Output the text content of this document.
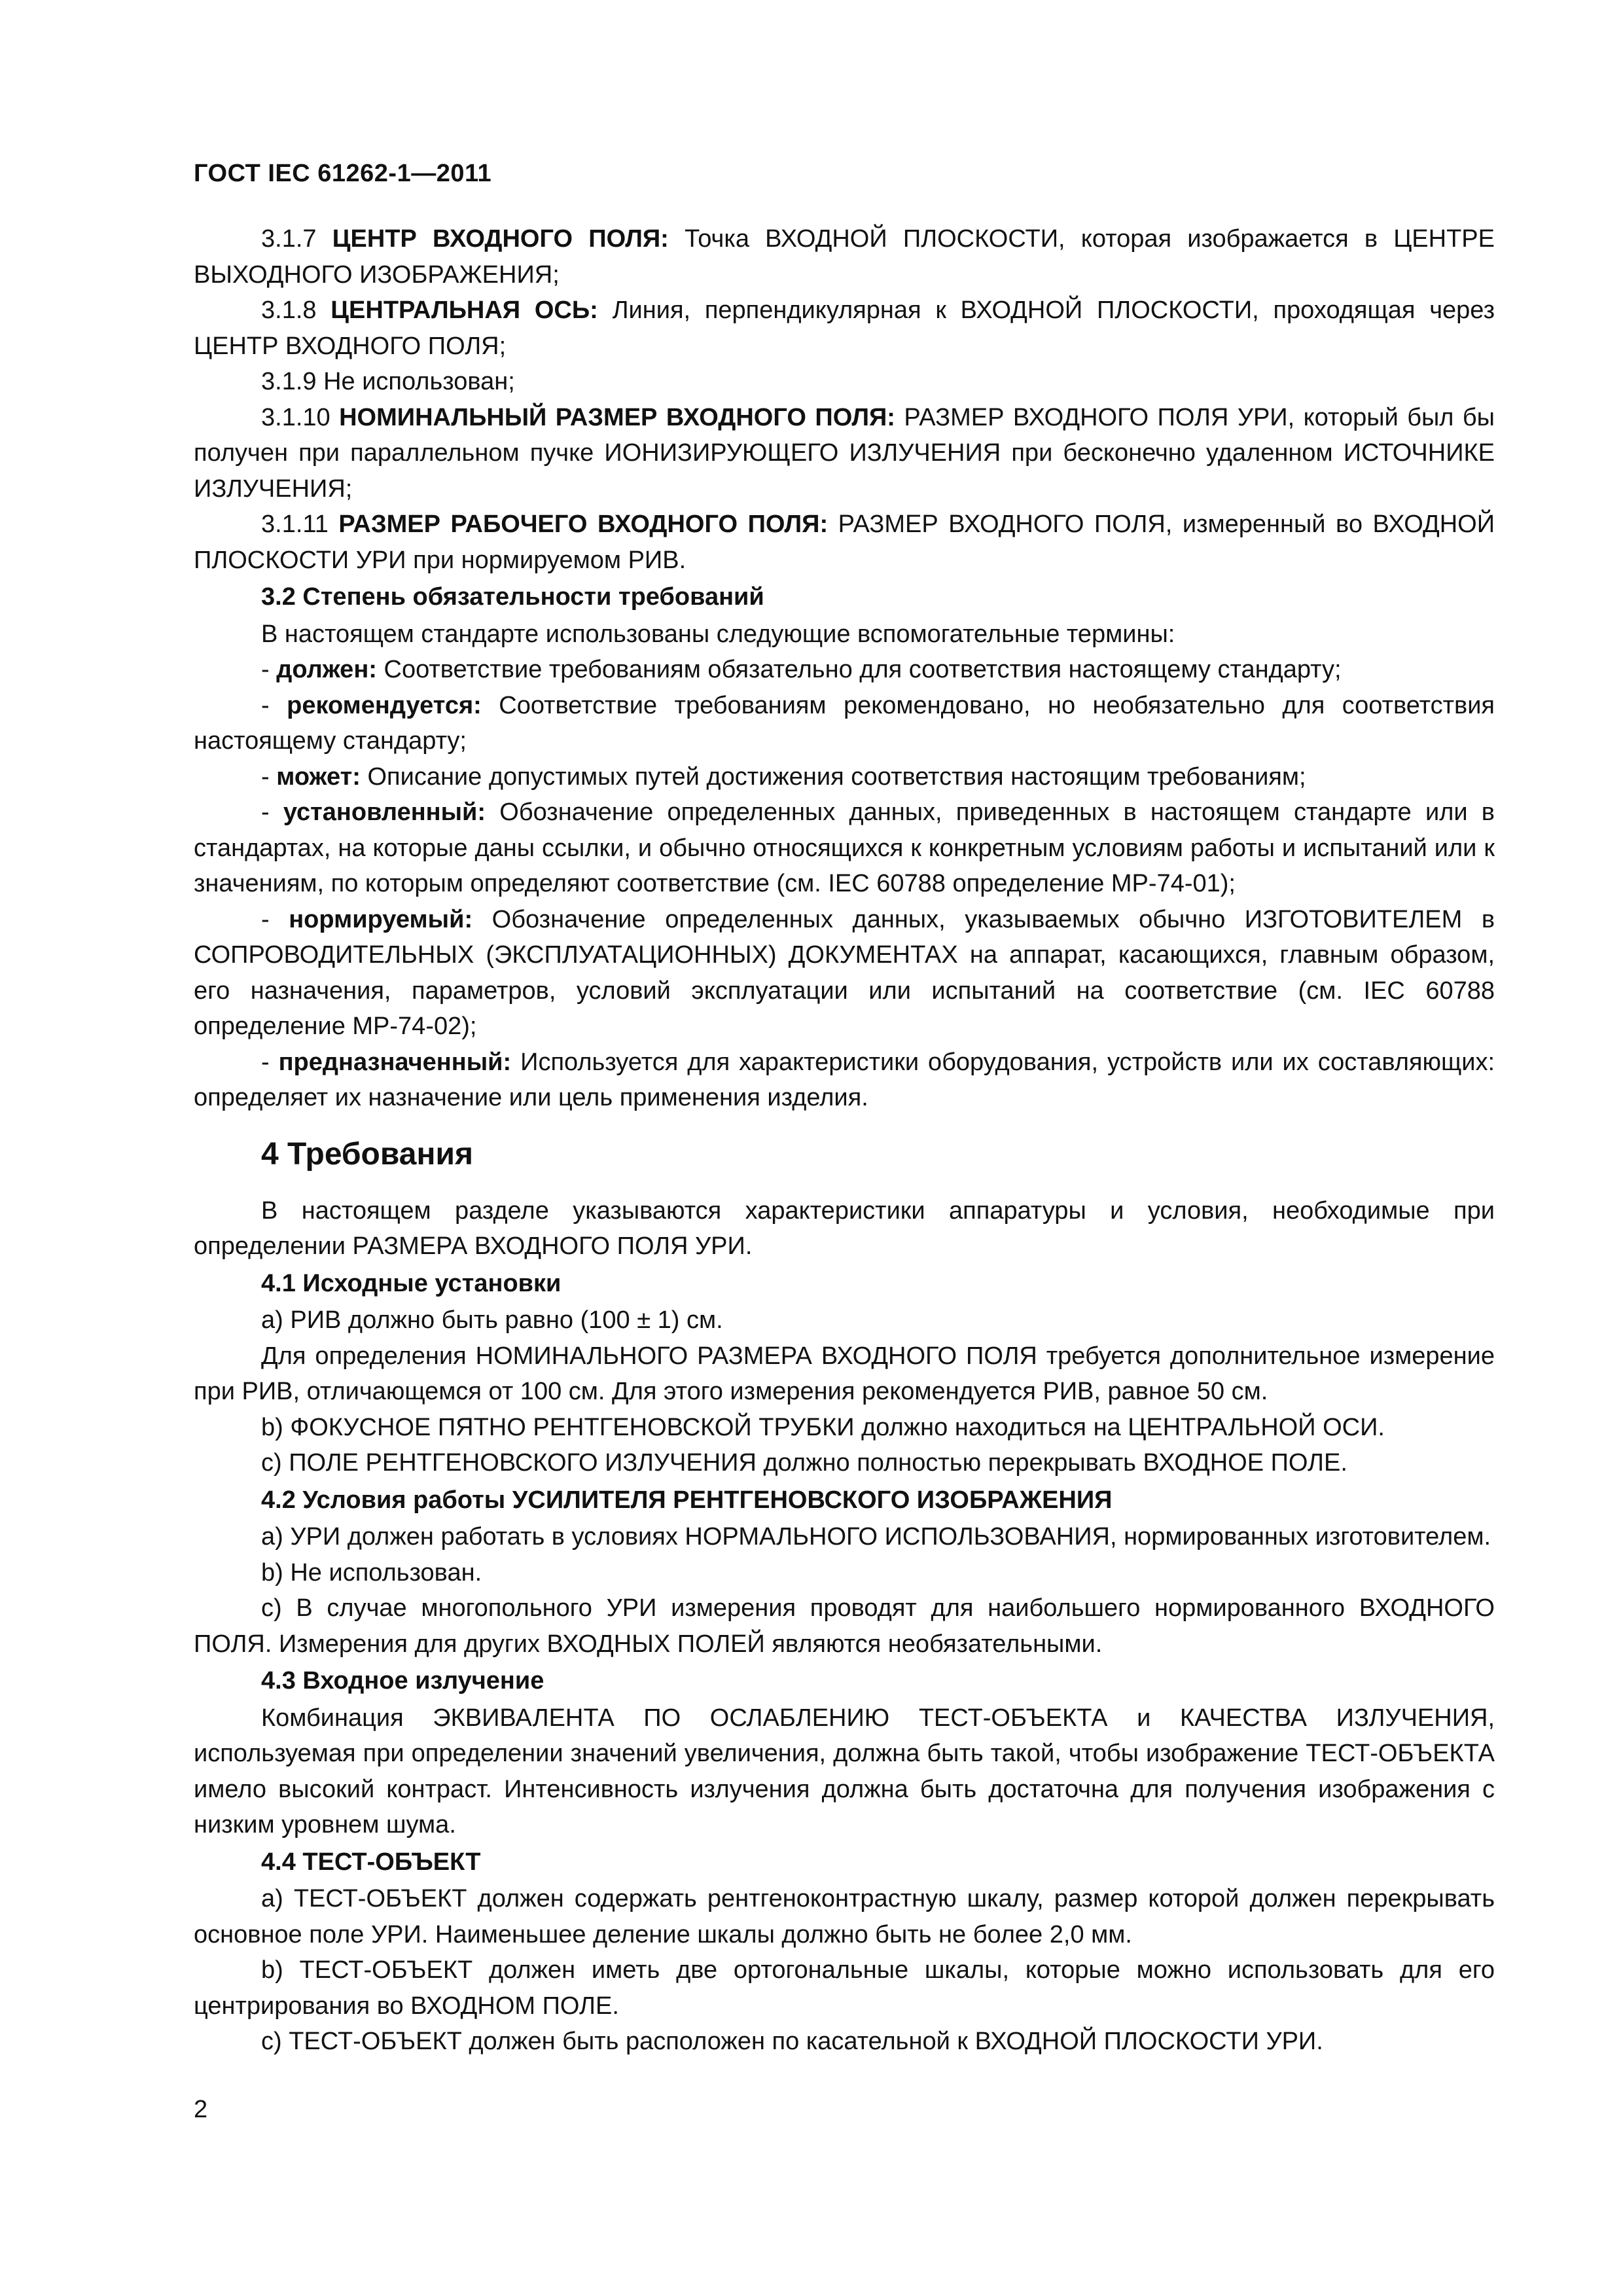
ГОСТ IEC 61262-1—2011

3.1.7 ЦЕНТР ВХОДНОГО ПОЛЯ: Точка ВХОДНОЙ ПЛОСКОСТИ, которая изображается в ЦЕНТРЕ ВЫХОДНОГО ИЗОБРАЖЕНИЯ;

3.1.8 ЦЕНТРАЛЬНАЯ ОСЬ: Линия, перпендикулярная к ВХОДНОЙ ПЛОСКОСТИ, проходящая через ЦЕНТР ВХОДНОГО ПОЛЯ;

3.1.9 Не использован;

3.1.10 НОМИНАЛЬНЫЙ РАЗМЕР ВХОДНОГО ПОЛЯ: РАЗМЕР ВХОДНОГО ПОЛЯ УРИ, который был бы получен при параллельном пучке ИОНИЗИРУЮЩЕГО ИЗЛУЧЕНИЯ при бесконечно удаленном ИСТОЧНИКЕ ИЗЛУЧЕНИЯ;

3.1.11 РАЗМЕР РАБОЧЕГО ВХОДНОГО ПОЛЯ: РАЗМЕР ВХОДНОГО ПОЛЯ, измеренный во ВХОДНОЙ ПЛОСКОСТИ УРИ при нормируемом РИВ.

3.2 Степень обязательности требований

В настоящем стандарте использованы следующие вспомогательные термины:

- должен: Соответствие требованиям обязательно для соответствия настоящему стандарту;

- рекомендуется: Соответствие требованиям рекомендовано, но необязательно для соответствия настоящему стандарту;

- может: Описание допустимых путей достижения соответствия настоящим требованиям;

- установленный: Обозначение определенных данных, приведенных в настоящем стандарте или в стандартах, на которые даны ссылки, и обычно относящихся к конкретным условиям работы и испытаний или к значениям, по которым определяют соответствие (см. IEC 60788 определение МР-74-01);

- нормируемый: Обозначение определенных данных, указываемых обычно ИЗГОТОВИТЕЛЕМ в СОПРОВОДИТЕЛЬНЫХ (ЭКСПЛУАТАЦИОННЫХ) ДОКУМЕНТАХ на аппарат, касающихся, главным образом, его назначения, параметров, условий эксплуатации или испытаний на соответствие (см. IEC 60788 определение МР-74-02);

- предназначенный: Используется для характеристики оборудования, устройств или их составляющих: определяет их назначение или цель применения изделия.

4 Требования

В настоящем разделе указываются характеристики аппаратуры и условия, необходимые при определении РАЗМЕРА ВХОДНОГО ПОЛЯ УРИ.

4.1 Исходные установки

а) РИВ должно быть равно (100 ± 1) см.

Для определения НОМИНАЛЬНОГО РАЗМЕРА ВХОДНОГО ПОЛЯ требуется дополнительное измерение при РИВ, отличающемся от 100 см. Для этого измерения рекомендуется РИВ, равное 50 см.

b) ФОКУСНОЕ ПЯТНО РЕНТГЕНОВСКОЙ ТРУБКИ должно находиться на ЦЕНТРАЛЬНОЙ ОСИ.

c) ПОЛЕ РЕНТГЕНОВСКОГО ИЗЛУЧЕНИЯ должно полностью перекрывать ВХОДНОЕ ПОЛЕ.

4.2 Условия работы УСИЛИТЕЛЯ РЕНТГЕНОВСКОГО ИЗОБРАЖЕНИЯ

а) УРИ должен работать в условиях НОРМАЛЬНОГО ИСПОЛЬЗОВАНИЯ, нормированных изготовителем.

b) Не использован.

c) В случае многопольного УРИ измерения проводят для наибольшего нормированного ВХОДНОГО ПОЛЯ. Измерения для других ВХОДНЫХ ПОЛЕЙ являются необязательными.

4.3 Входное излучение

Комбинация ЭКВИВАЛЕНТА ПО ОСЛАБЛЕНИЮ ТЕСТ-ОБЪЕКТА и КАЧЕСТВА ИЗЛУЧЕНИЯ, используемая при определении значений увеличения, должна быть такой, чтобы изображение ТЕСТ-ОБЪЕКТА имело высокий контраст. Интенсивность излучения должна быть достаточна для получения изображения с низким уровнем шума.

4.4 ТЕСТ-ОБЪЕКТ

а) ТЕСТ-ОБЪЕКТ должен содержать рентгеноконтрастную шкалу, размер которой должен перекрывать основное поле УРИ. Наименьшее деление шкалы должно быть не более 2,0 мм.

b) ТЕСТ-ОБЪЕКТ должен иметь две ортогональные шкалы, которые можно использовать для его центрирования во ВХОДНОМ ПОЛЕ.

c) ТЕСТ-ОБЪЕКТ должен быть расположен по касательной к ВХОДНОЙ ПЛОСКОСТИ УРИ.

2
